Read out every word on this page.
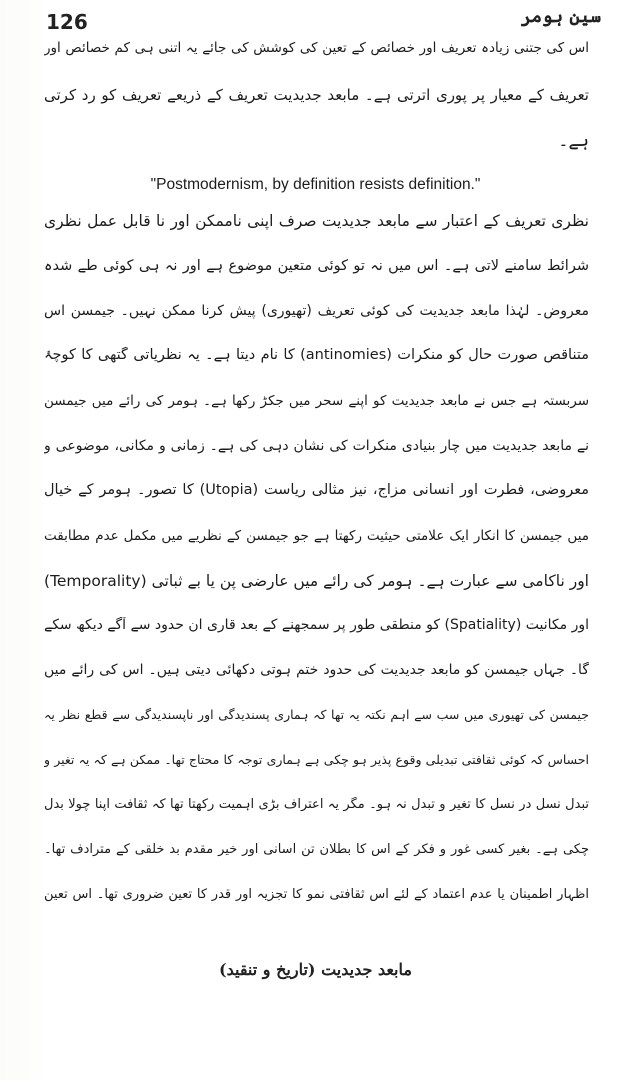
126	سین ہومر
اس کی جتنی زیادہ تعریف اور خصائص کے تعین کی کوشش کی جائے یہ اتنی ہی کم خصائص اور
تعریف کے معیار پر پوری اترتی ہے۔ مابعد جدیدیت تعریف کے ذریعے تعریف کو رد کرتی
ہے۔
"Postmodernism, by definition resists definition."
نظری تعریف کے اعتبار سے مابعد جدیدیت صرف اپنی ناممکن اور نا قابل عمل نظری
شرائط سامنے لاتی ہے۔ اس میں نہ تو کوئی متعین موضوع ہے اور نہ ہی کوئی طے شدہ
معروض۔ لہٰذا مابعد جدیدیت کی کوئی تعریف (تھیوری) پیش کرنا ممکن نہیں۔ جیمسن اس
متناقص صورت حال کو منکرات (antinomies) کا نام دیتا ہے۔ یہ نظریاتی گتھی کا کوچۂ
سربستہ ہے جس نے مابعد جدیدیت کو اپنے سحر میں جکڑ رکھا ہے۔ ہومر کی رائے میں جیمسن
نے مابعد جدیدیت میں چار بنیادی منکرات کی نشان دہی کی ہے۔ زمانی و مکانی، موضوعی و
معروضی، فطرت اور انسانی مزاج، نیز مثالی ریاست (Utopia) کا تصور۔ ہومر کے خیال
میں جیمسن کا انکار ایک علامتی حیثیت رکھتا ہے جو جیمسن کے نظریے میں مکمل عدم مطابقت
اور ناکامی سے عبارت ہے۔ ہومر کی رائے میں عارضی پن یا بے ثباتی (Temporality)
اور مکانیت (Spatiality) کو منطقی طور پر سمجھنے کے بعد قاری ان حدود سے آگے دیکھ سکے
گا۔ جہاں جیمسن کو مابعد جدیدیت کی حدود ختم ہوتی دکھائی دیتی ہیں۔ اس کی رائے میں
جیمسن کی تھیوری میں سب سے اہم نکتہ یہ تھا کہ ہماری پسندیدگی اور ناپسندیدگی سے قطع نظر یہ
احساس کہ کوئی ثقافتی تبدیلی وقوع پذیر ہو چکی ہے ہماری توجہ کا محتاج تھا۔ ممکن ہے کہ یہ تغیر و
تبدل نسل در نسل کا تغیر و تبدل نہ ہو۔ مگر یہ اعتراف بڑی اہمیت رکھتا تھا کہ ثقافت اپنا چولا بدل
چکی ہے۔ بغیر کسی غور و فکر کے اس کا بطلان تن آسانی اور خیر مقدم بد خلقی کے مترادف تھا۔
اظہار اطمینان یا عدم اعتماد کے لئے اس ثقافتی نمو کا تجزیہ اور قدر کا تعین ضروری تھا۔ اس تعین
مابعد جدیدیت (تاریخ و تنقید)
